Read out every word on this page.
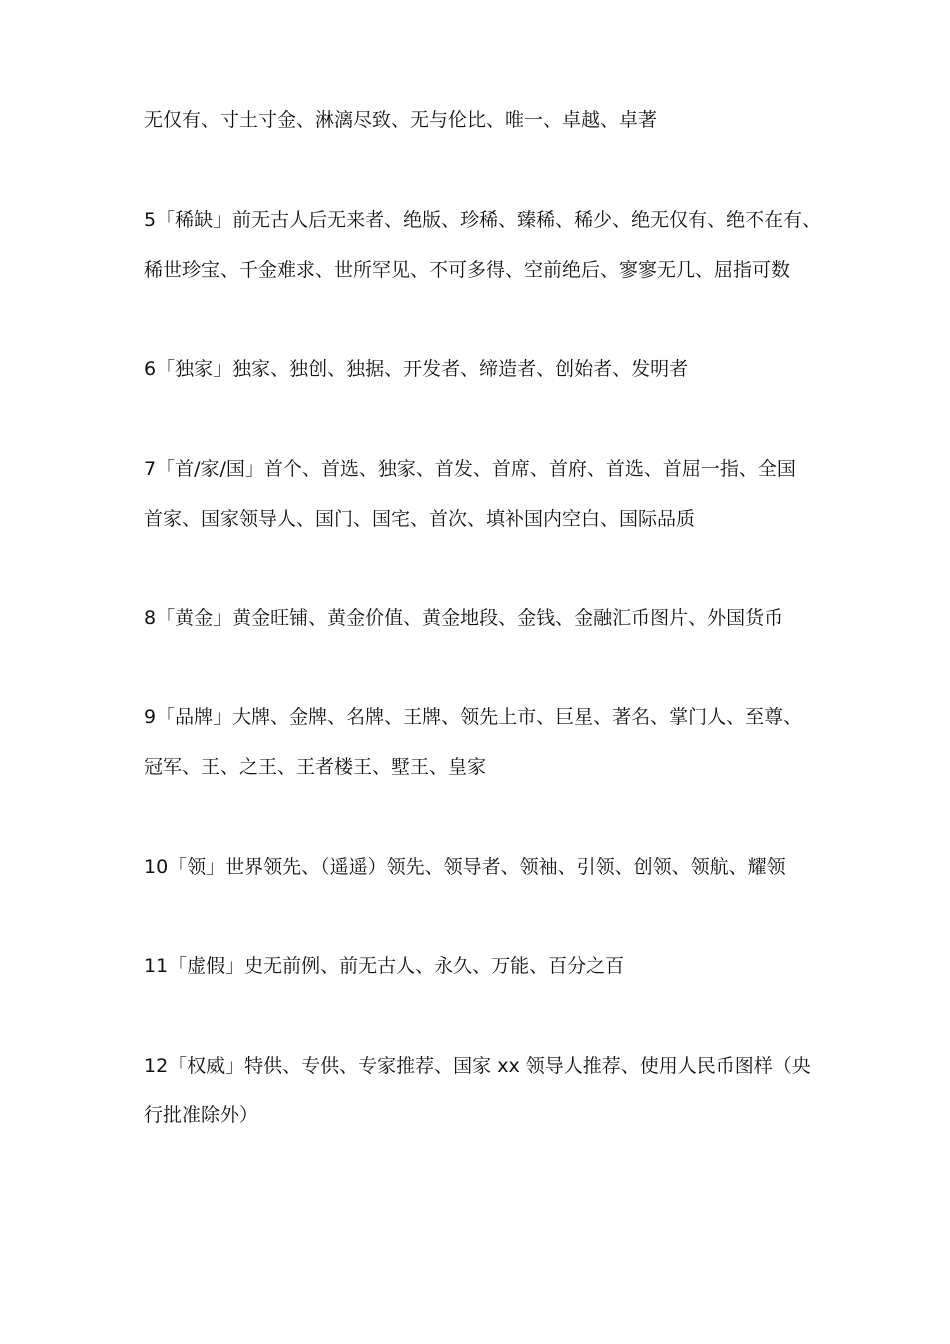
无仅有、寸土寸金、淋漓尽致、无与伦比、唯一、卓越、卓著
5「稀缺」前无古人后无来者、绝版、珍稀、臻稀、稀少、绝无仅有、绝不在有、
稀世珍宝、千金难求、世所罕见、不可多得、空前绝后、寥寥无几、屈指可数
6「独家」独家、独创、独据、开发者、缔造者、创始者、发明者
7「首/家/国」首个、首选、独家、首发、首席、首府、首选、首屈一指、全国
首家、国家领导人、国门、国宅、首次、填补国内空白、国际品质
8「黄金」黄金旺铺、黄金价值、黄金地段、金钱、金融汇币图片、外国货币
9「品牌」大牌、金牌、名牌、王牌、领先上市、巨星、著名、掌门人、至尊、
冠军、王、之王、王者楼王、墅王、皇家
10「领」世界领先、（遥遥）领先、领导者、领袖、引领、创领、领航、耀领
11「虚假」史无前例、前无古人、永久、万能、百分之百
12「权威」特供、专供、专家推荐、国家 xx 领导人推荐、使用人民币图样（央
行批准除外）
